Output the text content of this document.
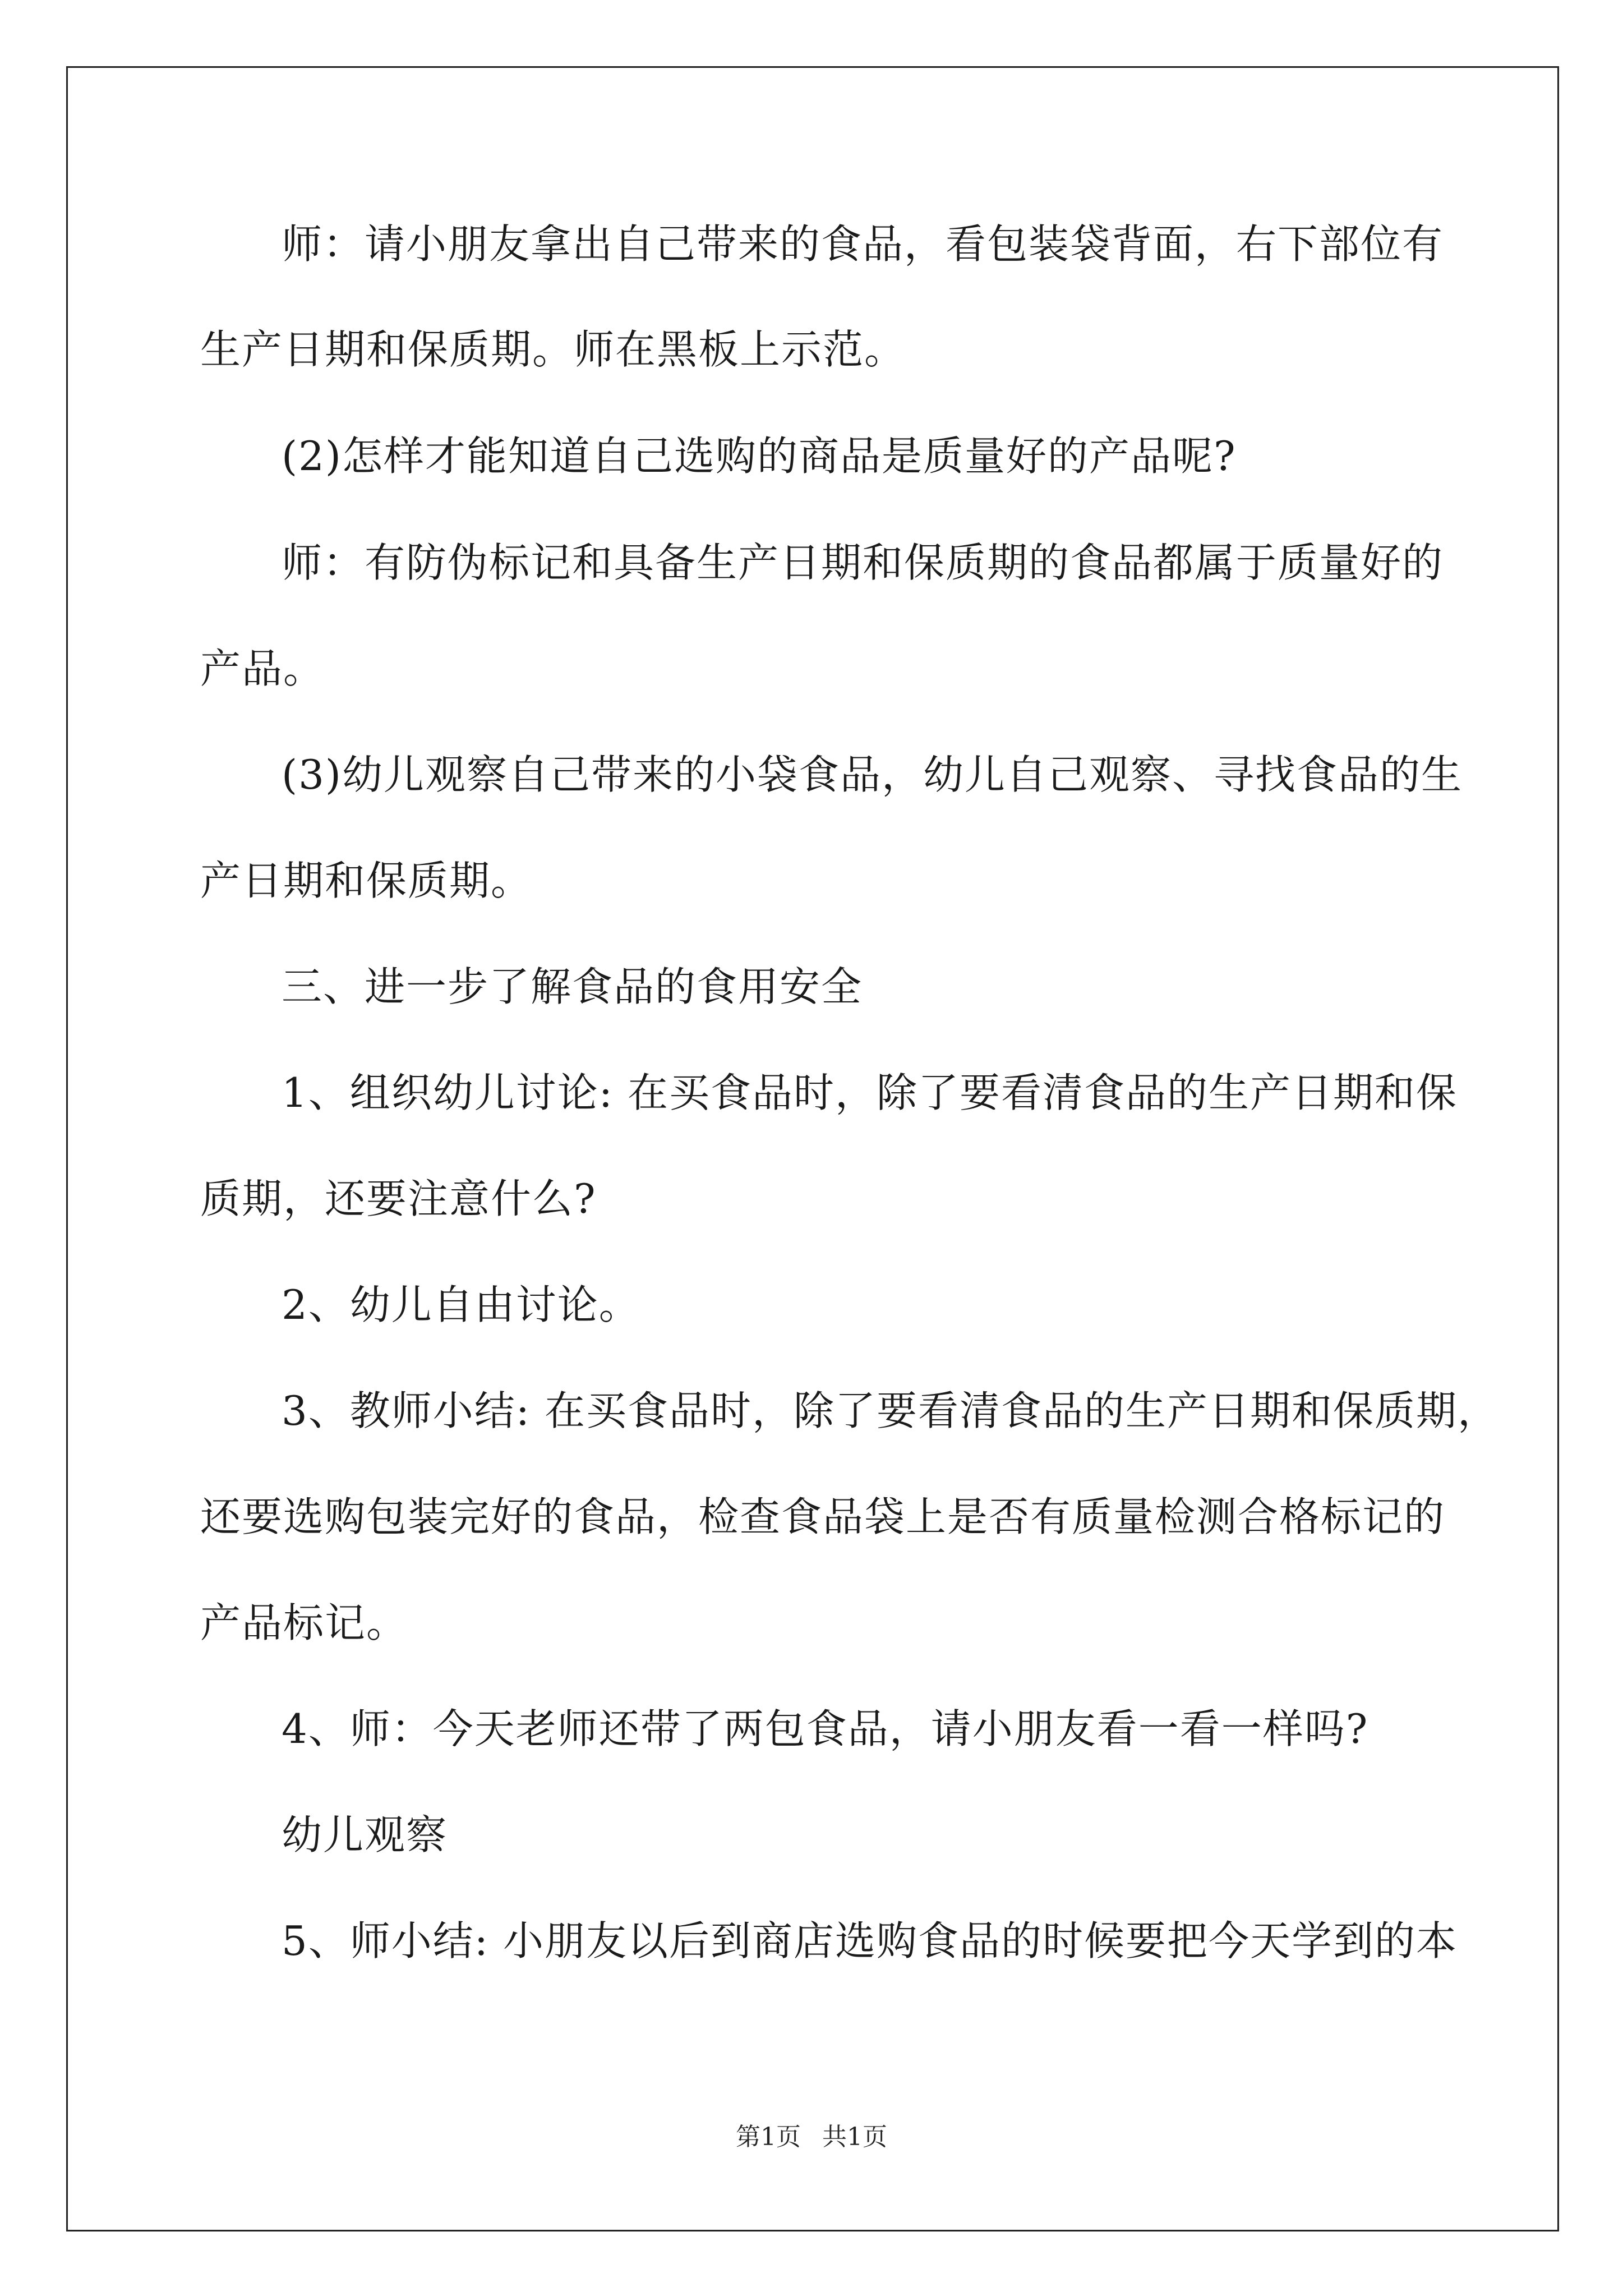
师：请小朋友拿出自己带来的食品，看包装袋背面，右下部位有
生产日期和保质期。师在黑板上示范。
(2)怎样才能知道自己选购的商品是质量好的产品呢?
师：有防伪标记和具备生产日期和保质期的食品都属于质量好的
产品。
(3)幼儿观察自己带来的小袋食品，幼儿自己观察、寻找食品的生
产日期和保质期。
三、进一步了解食品的食用安全
1、组织幼儿讨论: 在买食品时，除了要看清食品的生产日期和保
质期，还要注意什么?
2、幼儿自由讨论。
3、教师小结: 在买食品时，除了要看清食品的生产日期和保质期，
还要选购包装完好的食品，检查食品袋上是否有质量检测合格标记的
产品标记。
4、师：今天老师还带了两包食品，请小朋友看一看一样吗?
幼儿观察
5、师小结: 小朋友以后到商店选购食品的时候要把今天学到的本
第1页 共1页
